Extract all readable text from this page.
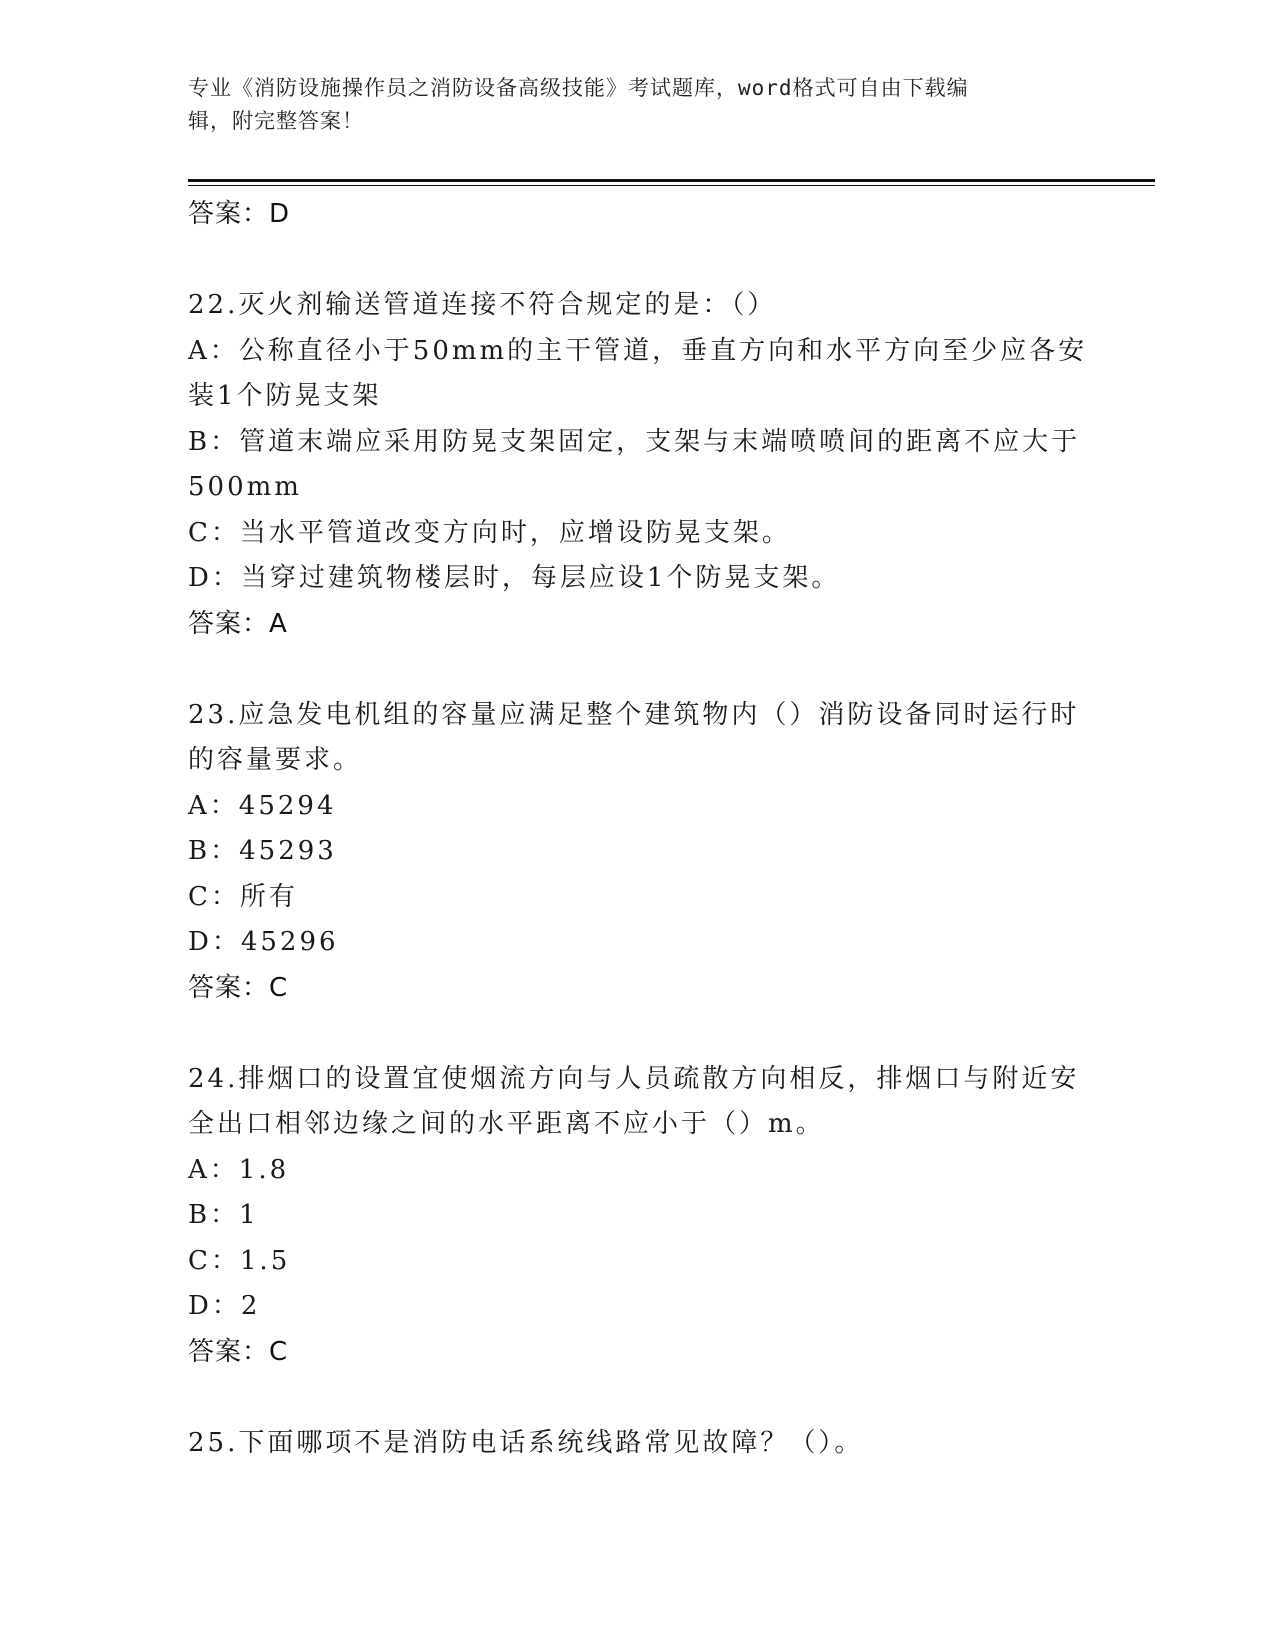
专业《消防设施操作员之消防设备高级技能》考试题库，word格式可自由下载编
辑，附完整答案！
答案：D
22.灭火剂输送管道连接不符合规定的是：（）
A：公称直径小于50mm的主干管道，垂直方向和水平方向至少应各安
装1个防晃支架
B：管道末端应采用防晃支架固定，支架与末端喷喷间的距离不应大于
500mm
C：当水平管道改变方向时，应增设防晃支架。
D：当穿过建筑物楼层时，每层应设1个防晃支架。
答案：A
23.应急发电机组的容量应满足整个建筑物内（）消防设备同时运行时
的容量要求。
A：45294
B：45293
C：所有
D：45296
答案：C
24.排烟口的设置宜使烟流方向与人员疏散方向相反，排烟口与附近安
全出口相邻边缘之间的水平距离不应小于（）m。
A：1.8
B：1
C：1.5
D：2
答案：C
25.下面哪项不是消防电话系统线路常见故障？（）。
